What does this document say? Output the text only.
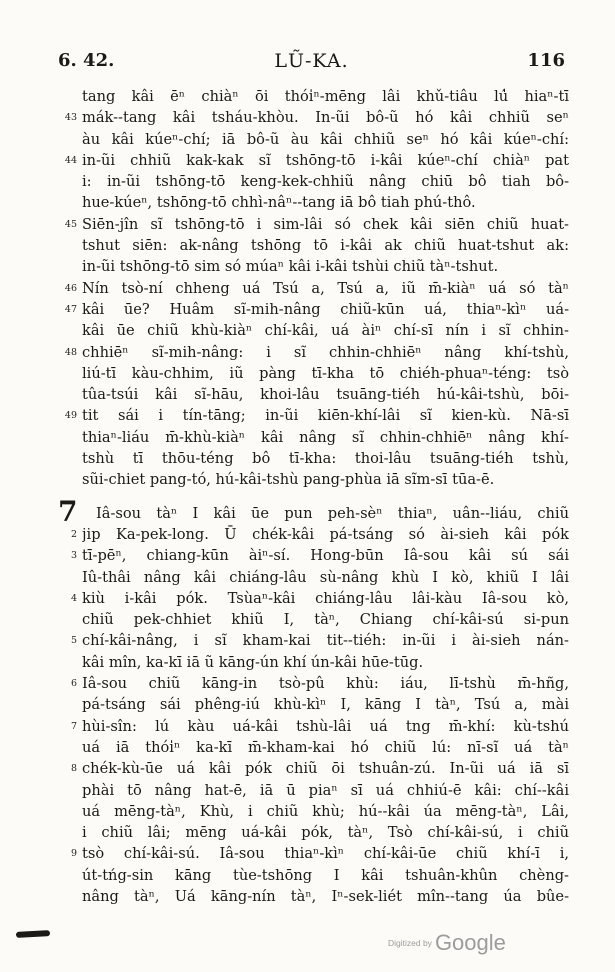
6. 42.	LŨ-KA.	116
tang kâi ēⁿ chiàⁿ ōi thói̍ⁿ-mēng lâi khǔ-tiâu lú̍ hiaⁿ-tī
43 mák--tang kâi tsháu-khòu. In-ũi bô-ũ hó kâi chhiũ seⁿ
àu kâi kúeⁿ-chí; iā bô-ũ àu kâi chhiũ seⁿ hó kâi kúeⁿ-chí:
44 in-ũi chhiũ kak-kak sĩ tshōng-tō i-kâi kúeⁿ-chí chiàⁿ pat
i: in-ũi tshōng-tō keng-kek-chhiũ nâng chiū bô tiah bô-
hue-kúeⁿ, tshōng-tō chhì-nâⁿ--tang iā bô tiah phú-thô.
45 Siēn-jîn sĩ tshōng-tō i sim-lâi só chek kâi siēn chiũ huat-
tshut siēn: ak-nâng tshōng tō i-kâi ak chiũ huat-tshut ak:
in-ũi tshōng-tō sim só múaⁿ kâi i-kâi tshùi chiũ tàⁿ-tshut.
46 Nín tsò-ní chheng uá Tsú a, Tsú a, iũ m̄-kiàⁿ uá só tàⁿ
47 kâi ūe? Huâm sĩ-mih-nâng chiũ-kūn uá, thiaⁿ-kìⁿ uá-
kâi ūe chiũ khù-kiàⁿ chí-kâi, uá àiⁿ chí-sī nín i sĩ chhin-
48 chhiēⁿ sĩ-mih-nâng: i sĩ chhin-chhiēⁿ nâng khí-tshù,
liú-tī kàu-chhim, iũ pàng tī-kha tō chiéh-phuaⁿ-téng: tsò
tûa-tsúi kâi sĩ-hāu, khoi-lâu tsuāng-tiéh hú-kâi-tshù, bōi-
49 tit sái i tín-tāng; in-ũi kiēn-khí-lâi sĩ kien-kù. Nā-sī
thiaⁿ-liáu m̄-khù-kiàⁿ kâi nâng sĩ chhin-chhiēⁿ nâng khí-
tshù tī thōu-téng bô tī-kha: thoi-lâu tsuāng-tiéh tshù,
sũi-chiet pang-tó, hú-kâi-tshù pang-phùa iā sĩm-sī tūa-ē.
7 Iâ-sou tàⁿ I kâi ūe pun peh-sèⁿ thiaⁿ, uân--liáu, chiũ
2 jip Ka-pek-long. Ū chék-kâi pá-tsáng só ài-sieh kâi pók
3 tī-pēⁿ, chiang-kūn àiⁿ-sí. Hong-būn Iâ-sou kâi sú sái
Iû-thâi nâng kâi chiáng-lâu sù-nâng khù I kò, khiũ I lâi
4 kiù i-kâi pók. Tsùaⁿ-kâi chiáng-lâu lâi-kàu Iâ-sou kò,
chiũ pek-chhiet khiũ I, tàⁿ, Chiang chí-kâi-sú si-pun
5 chí-kâi-nâng, i sĩ kham-kai tit--tiéh: in-ũi i ài-sieh nán-
kâi mîn, ka-kī iā ũ kāng-ún khí ún-kâi hūe-tūg.
6 Iâ-sou chiũ kāng-in tsò-pû khù: iáu, lī-tshù m̄-hñg,
pá-tsáng sái phêng-iú khù-kìⁿ I, kāng I tàⁿ, Tsú a, mài
7 hùi-sîn: lú kàu uá-kâi tshù-lâi uá tng m̄-khí: kù-tshú
uá iā thói̍ⁿ ka-kī m̄-kham-kai hó chiũ lú: nī-sĩ uá tàⁿ
8 chék-kù-ūe uá kâi pók chiũ ōi tshuân-zú. In-ũi uá iā sī
phài tō nâng hat-ē, iā ū piaⁿ sī uá chhiú-ē kâi: chí--kâi
uá mēng-tàⁿ, Khù, i chiũ khù; hú--kâi úa mēng-tàⁿ, Lâi,
i chiũ lâi; mēng uá-kâi pók, tàⁿ, Tsò chí-kâi-sú, i chiũ
9 tsò chí-kâi-sú. Iâ-sou thiaⁿ-kìⁿ chí-kâi-ūe chiũ khí-ī i,
út-tńg-sin kāng tùe-tshōng I kâi tshuân-khûn chèng-
nâng tàⁿ, Uá kāng-nín tàⁿ, Iⁿ-sek-liét mîn--tang úa bûe-
$^{Digitized by}$ Google
